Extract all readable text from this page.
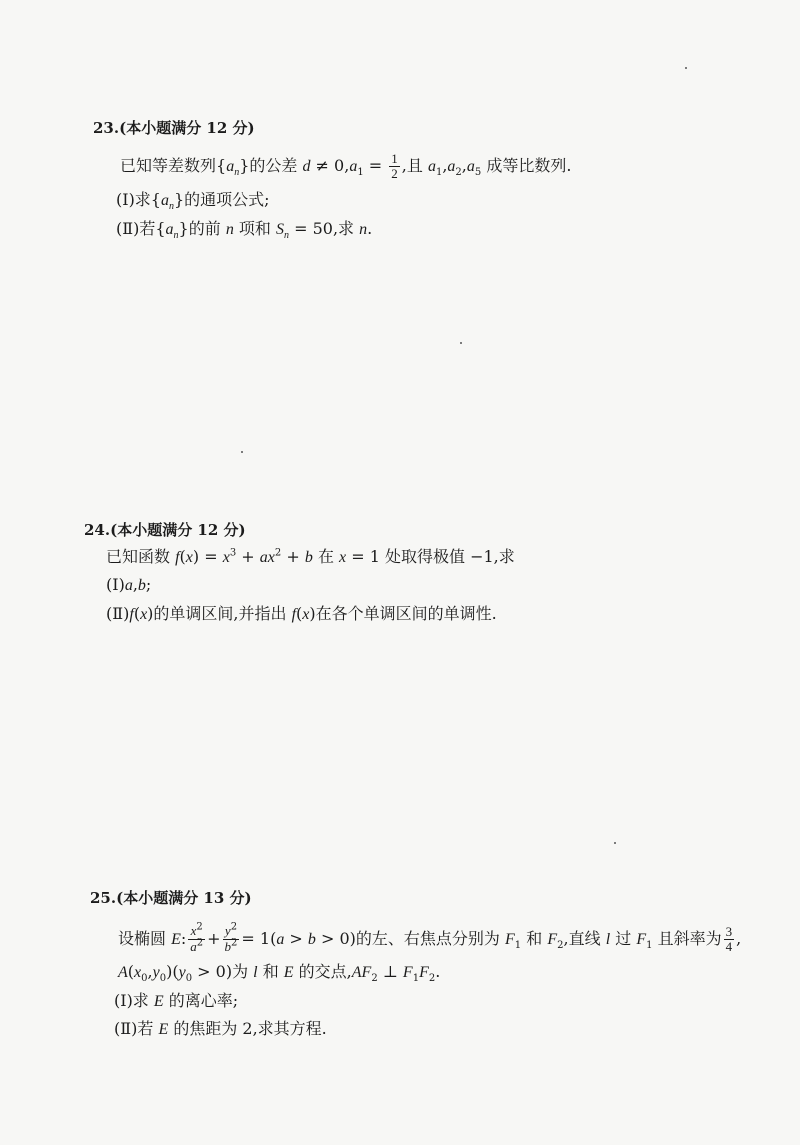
23.(本小题满分 12 分)
已知等差数列$\{a_n\}$的公差 $d \ne 0,a_1 = \frac{1}{2}$ ,且 $a_1,a_2,a_5$ 成等比数列.
(Ⅰ)求$\{a_n\}$的通项公式;
(Ⅱ)若$\{a_n\}$的前 n 项和 $S_n = 50$,求 n.
24.(本小题满分 12 分)
已知函数 $f(x) = x^3 + ax^2 + b$ 在 x = 1 处取得极值 −1,求
(Ⅰ)a,b;
(Ⅱ)f(x)的单调区间,并指出 f(x)在各个单调区间的单调性.
25.(本小题满分 13 分)
设椭圆 E: $\frac{x^2}{a^2} + \frac{y^2}{b^2} = 1(a > b > 0)$的左、右焦点分别为 $F_1$ 和 $F_2$,直线 l 过 $F_1$ 且斜率为 $\frac{3}{4}$ ,
$A(x_0,y_0)(y_0 > 0)$为 l 和 E 的交点$,AF_2$ ⊥ $F_1F_2$.
(Ⅰ)求 E 的离心率;
(Ⅱ)若 E 的焦距为 2,求其方程.
